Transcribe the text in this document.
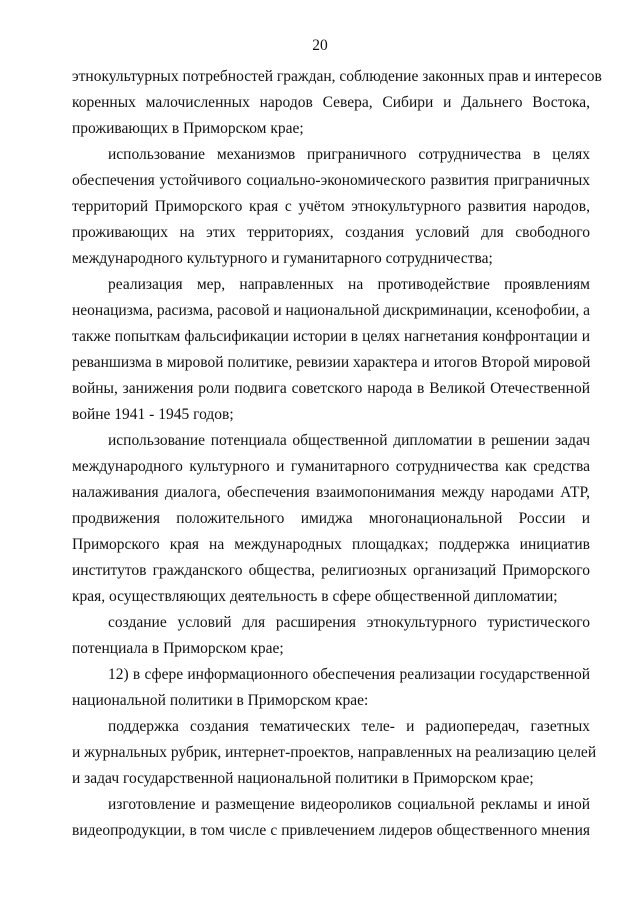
20
этнокультурных потребностей граждан, соблюдение законных прав и интересов
коренных малочисленных народов Севера, Сибири и Дальнего Востока,
проживающих в Приморском крае;
использование механизмов приграничного сотрудничества в целях
обеспечения устойчивого социально-экономического развития приграничных
территорий Приморского края с учётом этнокультурного развития народов,
проживающих на этих территориях, создания условий для свободного
международного культурного и гуманитарного сотрудничества;
реализация мер, направленных на противодействие проявлениям
неонацизма, расизма, расовой и национальной дискриминации, ксенофобии, а
также попыткам фальсификации истории в целях нагнетания конфронтации и
реваншизма в мировой политике, ревизии характера и итогов Второй мировой
войны, занижения роли подвига советского народа в Великой Отечественной
войне 1941 - 1945 годов;
использование потенциала общественной дипломатии в решении задач
международного культурного и гуманитарного сотрудничества как средства
налаживания диалога, обеспечения взаимопонимания между народами АТР,
продвижения положительного имиджа многонациональной России и
Приморского края на международных площадках; поддержка инициатив
институтов гражданского общества, религиозных организаций Приморского
края, осуществляющих деятельность в сфере общественной дипломатии;
создание условий для расширения этнокультурного туристического
потенциала в Приморском крае;
12) в сфере информационного обеспечения реализации государственной
национальной политики в Приморском крае:
поддержка создания тематических теле- и радиопередач, газетных
и журнальных рубрик, интернет-проектов, направленных на реализацию целей
и задач государственной национальной политики в Приморском крае;
изготовление и размещение видеороликов социальной рекламы и иной
видеопродукции, в том числе с привлечением лидеров общественного мнения
